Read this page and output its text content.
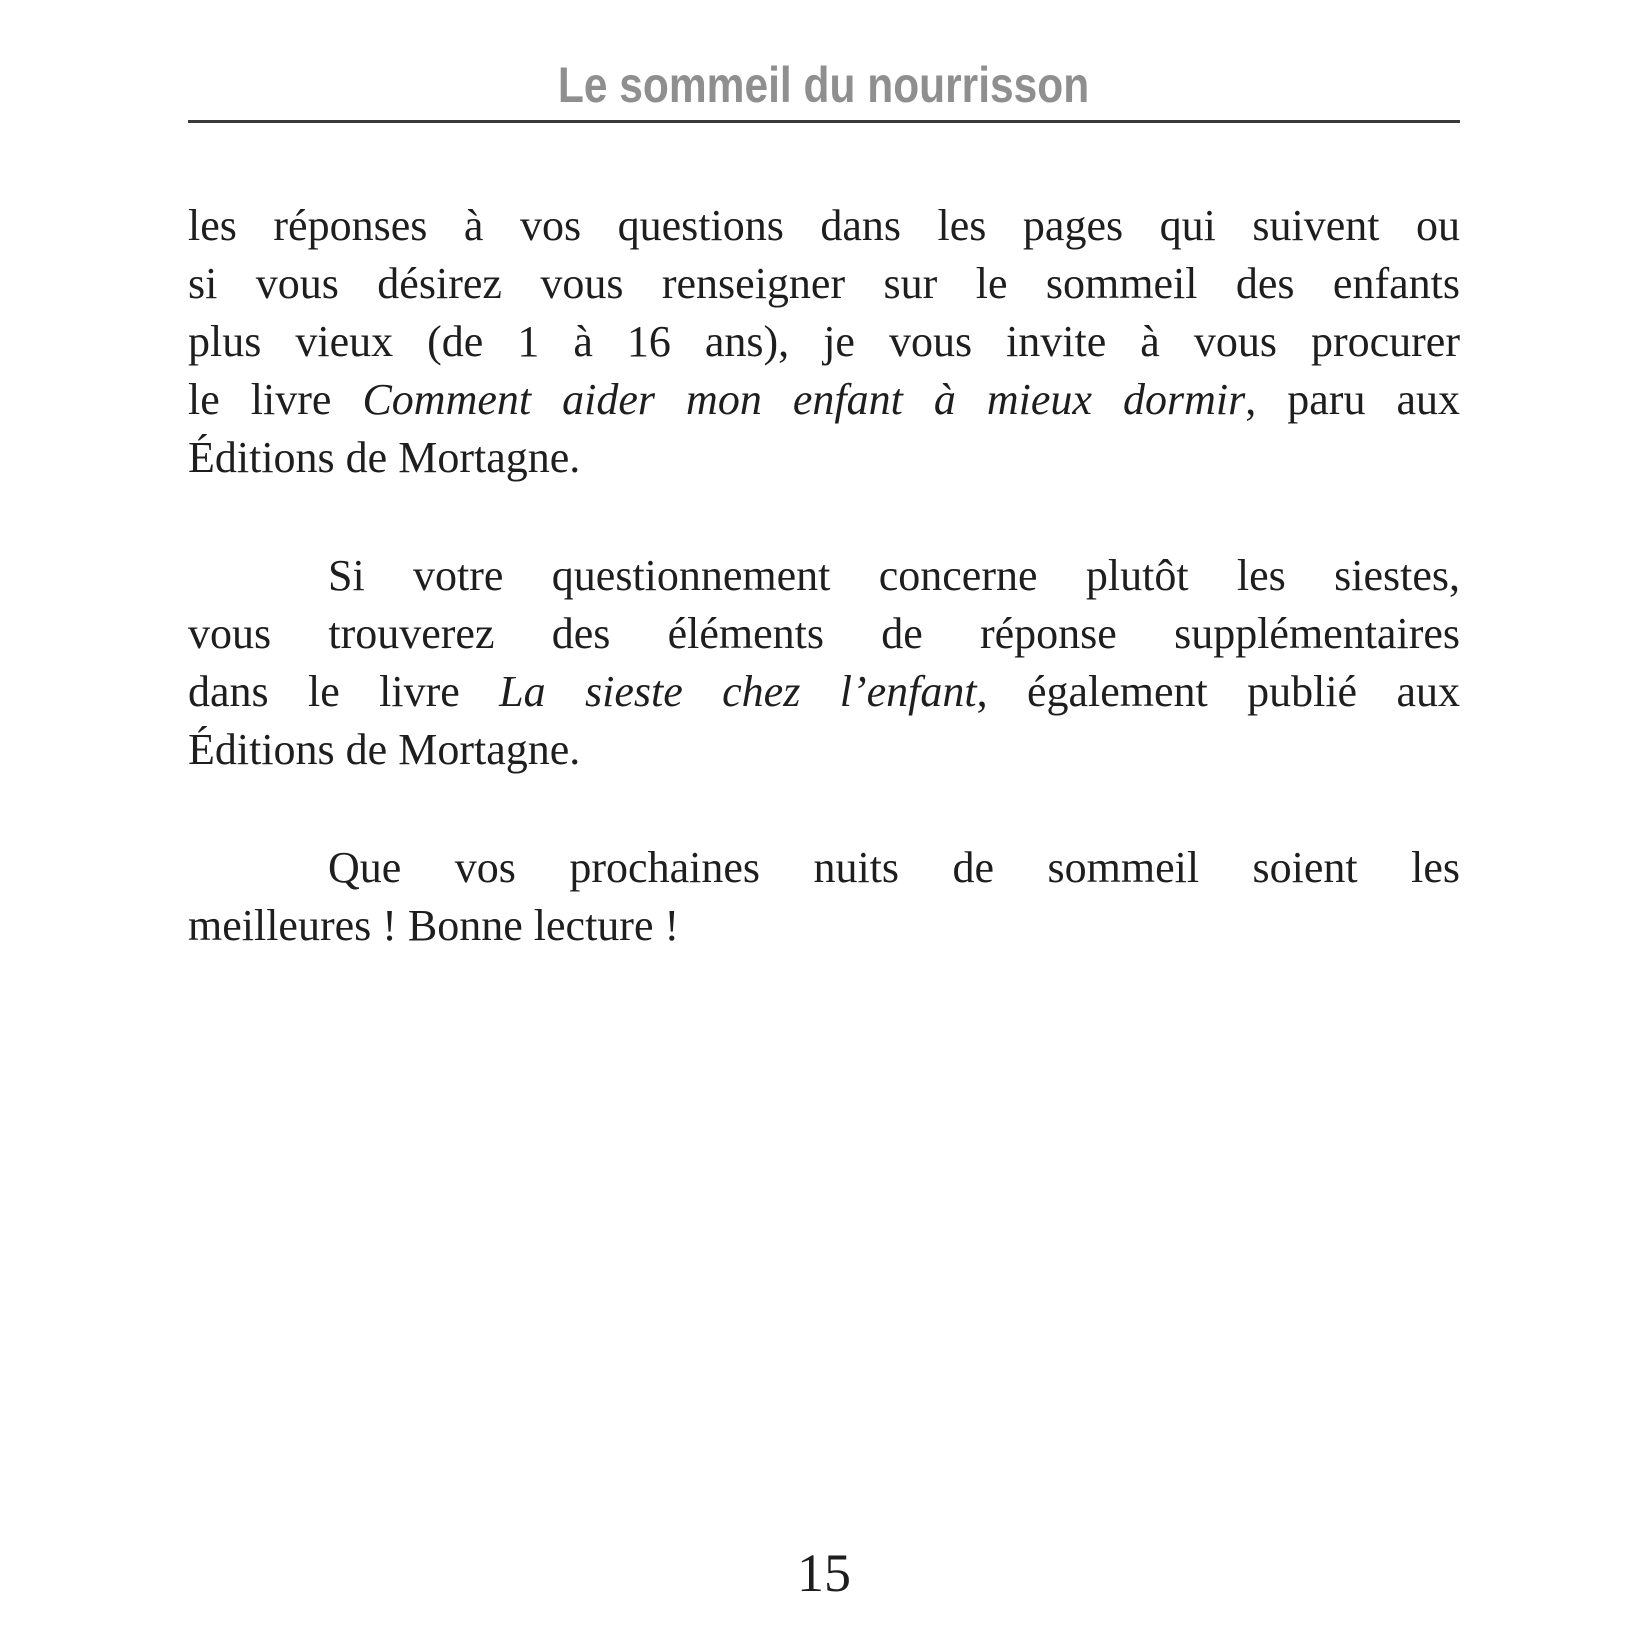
Le sommeil du nourrisson

les réponses à vos questions dans les pages qui suivent ou
si vous désirez vous renseigner sur le sommeil des enfants
plus vieux (de 1 à 16 ans), je vous invite à vous procurer
le livre Comment aider mon enfant à mieux dormir, paru aux
Éditions de Mortagne.

Si votre questionnement concerne plutôt les siestes,
vous trouverez des éléments de réponse supplémentaires
dans le livre La sieste chez l’enfant, également publié aux
Éditions de Mortagne.

Que vos prochaines nuits de sommeil soient les
meilleures ! Bonne lecture !

15
